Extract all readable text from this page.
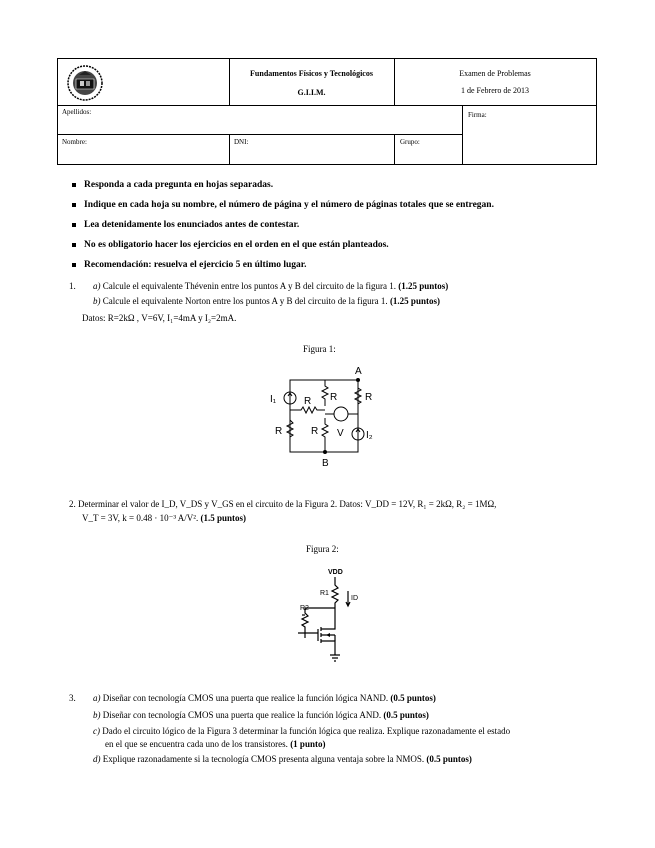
Fundamentos Físicos y Tecnológicos
G.I.I.M.
Examen de Problemas
1 de Febrero de 2013
Apellidos:	Firma:
Nombre:	DNI:	Grupo:
Responda a cada pregunta en hojas separadas.
Indique en cada hoja su nombre, el número de página y el número de páginas totales que se entregan.
Lea detenidamente los enunciados antes de contestar.
No es obligatorio hacer los ejercicios en el orden en el que están planteados.
Recomendación: resuelva el ejercicio 5 en último lugar.
1. a) Calcule el equivalente Thévenin entre los puntos A y B del circuito de la figura 1. (1.25 puntos)
b) Calcule el equivalente Norton entre los puntos A y B del circuito de la figura 1. (1.25 puntos)
Datos: R=2kΩ , V=6V, I₁=4mA y I₂=2mA.
Figura 1:
A
B
I₁	R R	R
R	R V I₂
2. Determinar el valor de I_D, V_DS y V_GS en el circuito de la Figura 2. Datos: V_DD = 12V, R₁ = 2kΩ, R₂ = 1MΩ,
V_T = 3V, k = 0.48 · 10⁻³ A/V². (1.5 puntos)
Figura 2:
VDD
R1
R2
ID
3. a) Diseñar con tecnología CMOS una puerta que realice la función lógica NAND. (0.5 puntos)
b) Diseñar con tecnología CMOS una puerta que realice la función lógica AND. (0.5 puntos)
c) Dado el circuito lógico de la Figura 3 determinar la función lógica que realiza. Explique razonadamente el estado
en el que se encuentra cada uno de los transistores. (1 punto)
d) Explique razonadamente si la tecnología CMOS presenta alguna ventaja sobre la NMOS. (0.5 puntos)
